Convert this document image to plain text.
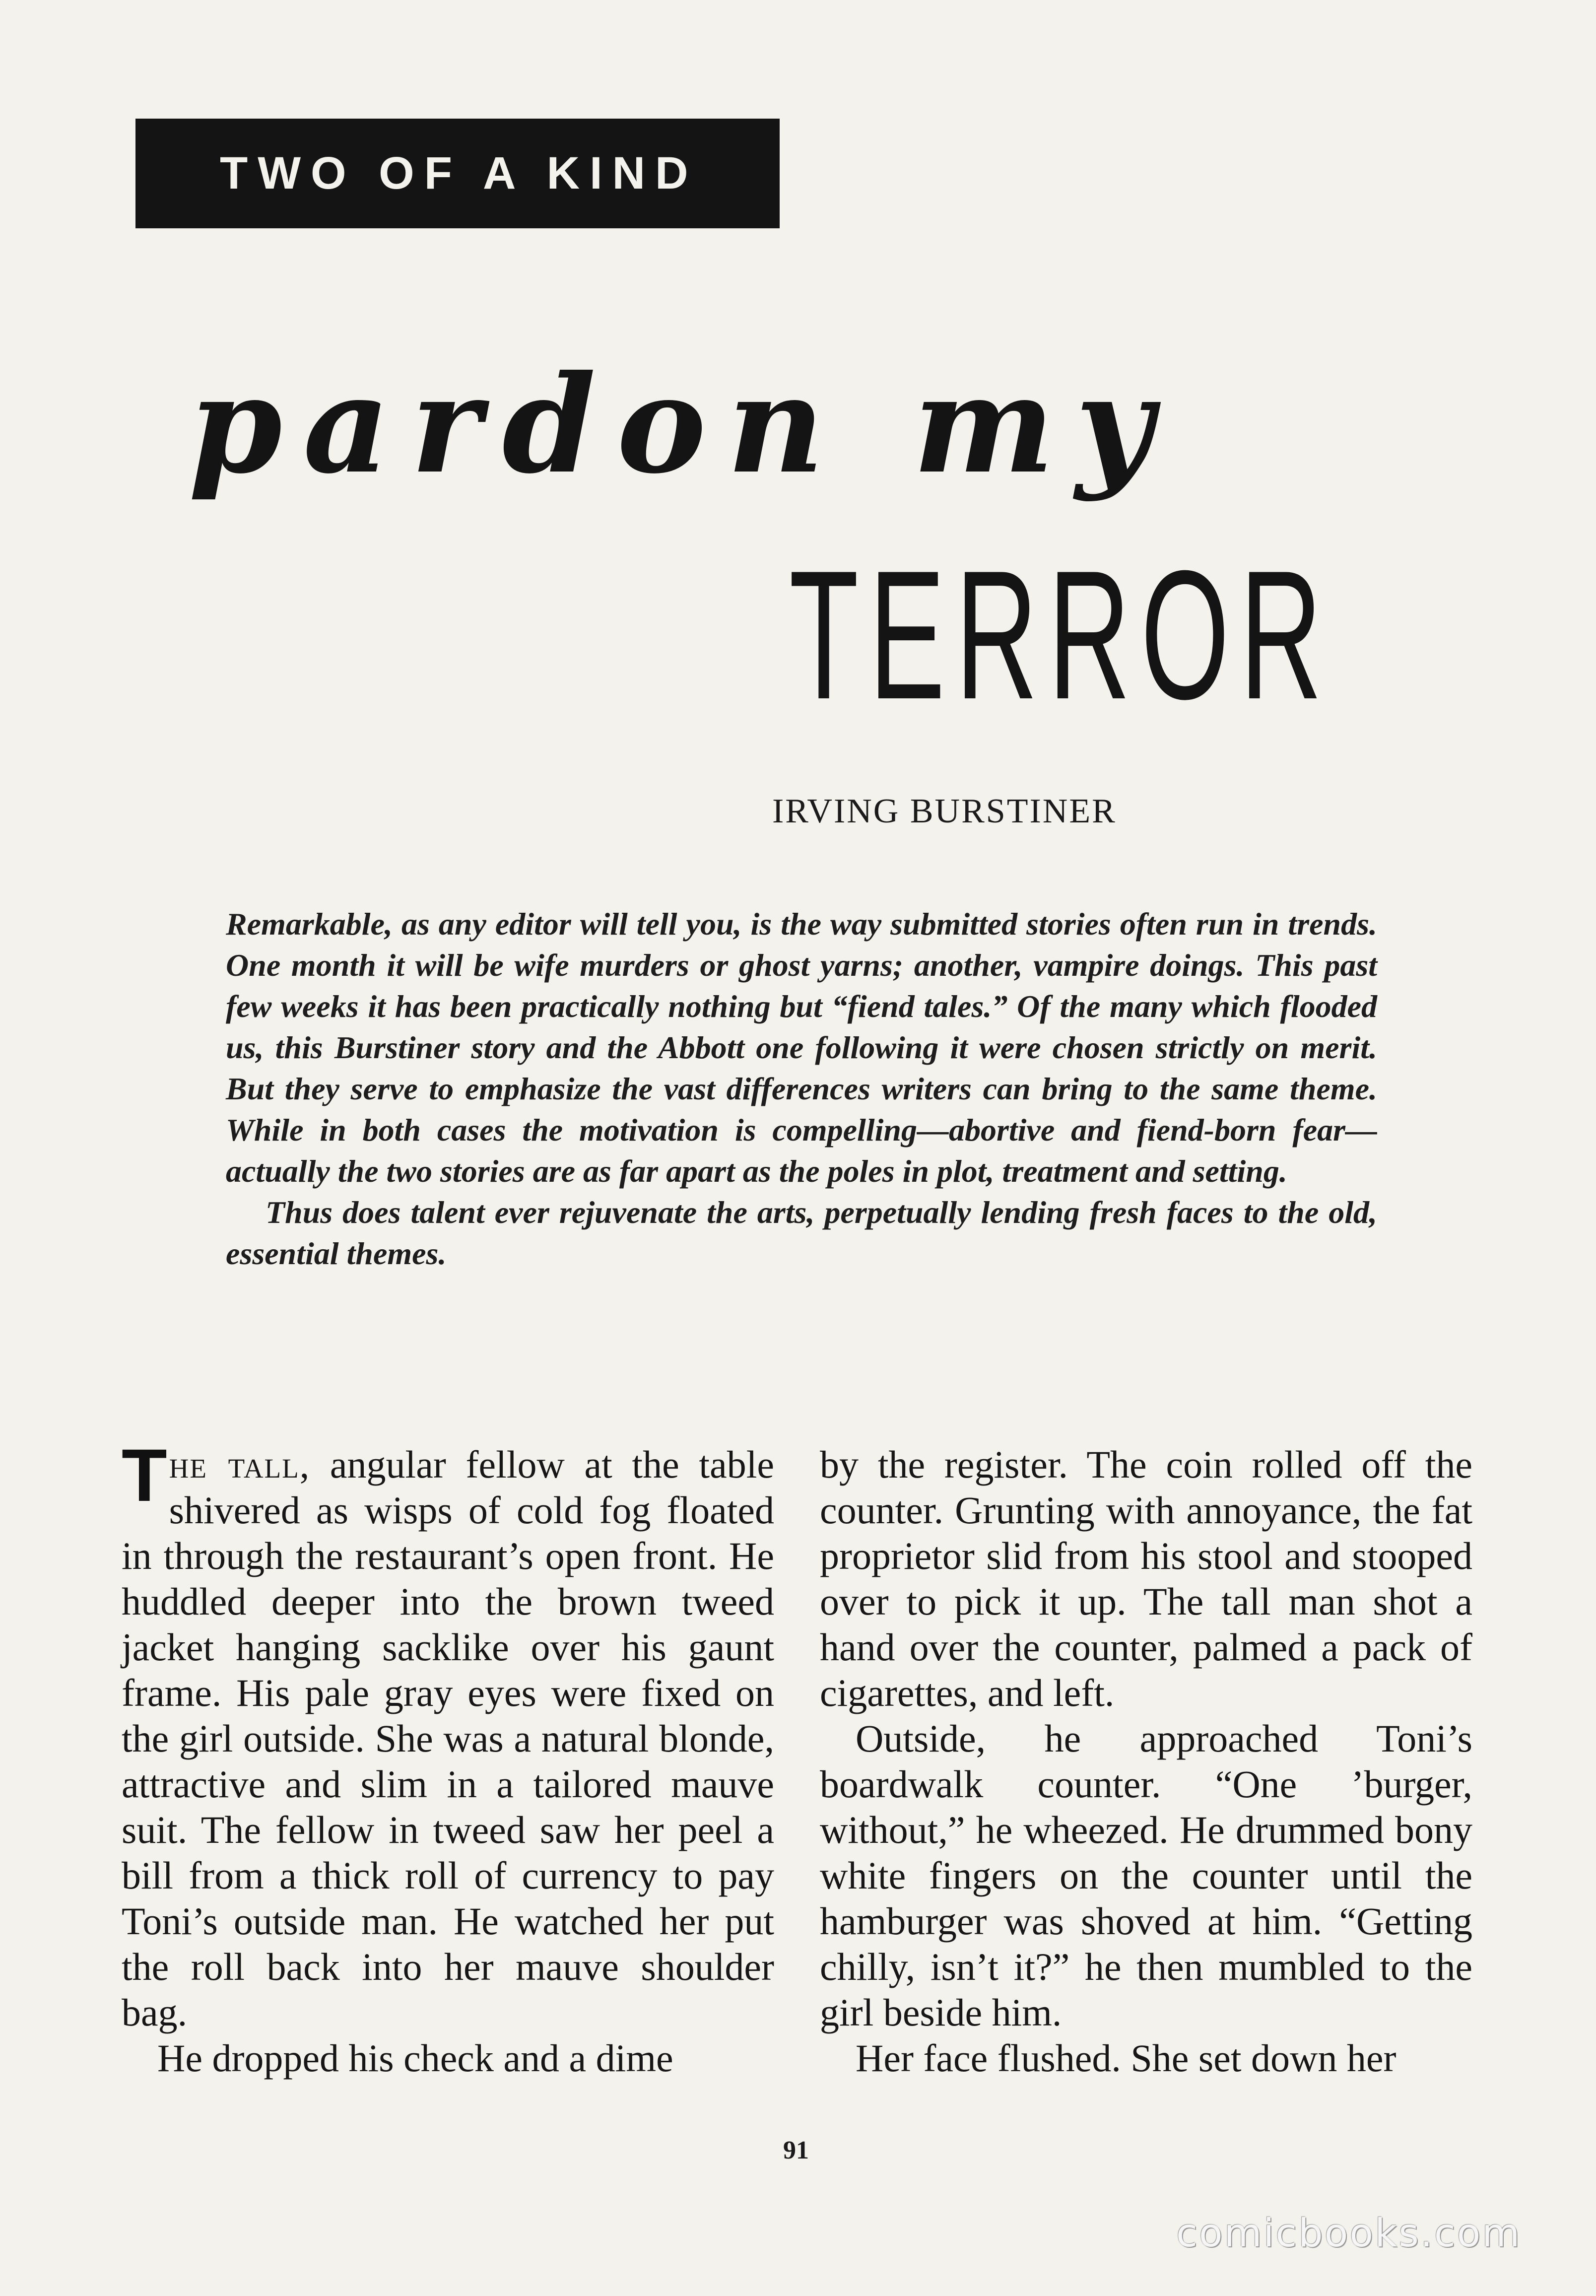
TWO OF A KIND
pardon my
TERROR
IRVING BURSTINER

Remarkable, as any editor will tell you, is the way submitted stories often run in trends. One month it will be wife murders or ghost yarns; another, vampire doings. This past few weeks it has been practically nothing but “fiend tales.” Of the many which flooded us, this Burstiner story and the Abbott one following it were chosen strictly on merit. But they serve to emphasize the vast differences writers can bring to the same theme. While in both cases the motivation is compelling—abortive and fiend-born fear—actually the two stories are as far apart as the poles in plot, treatment and setting.

Thus does talent ever rejuvenate the arts, perpetually lending fresh faces to the old, essential themes.

The tall, angular fellow at the table shivered as wisps of cold fog floated in through the restaurant’s open front. He huddled deeper into the brown tweed jacket hanging sacklike over his gaunt frame. His pale gray eyes were fixed on the girl outside. She was a natural blonde, attractive and slim in a tailored mauve suit. The fellow in tweed saw her peel a bill from a thick roll of currency to pay Toni’s outside man. He watched her put the roll back into her mauve shoulder bag.

He dropped his check and a dime

by the register. The coin rolled off the counter. Grunting with annoyance, the fat proprietor slid from his stool and stooped over to pick it up. The tall man shot a hand over the counter, palmed a pack of cigarettes, and left.

Outside, he approached Toni’s boardwalk counter. “One ’burger, without,” he wheezed. He drummed bony white fingers on the counter until the hamburger was shoved at him. “Getting chilly, isn’t it?” he then mumbled to the girl beside him.

Her face flushed. She set down her

91
comicbooks.com
